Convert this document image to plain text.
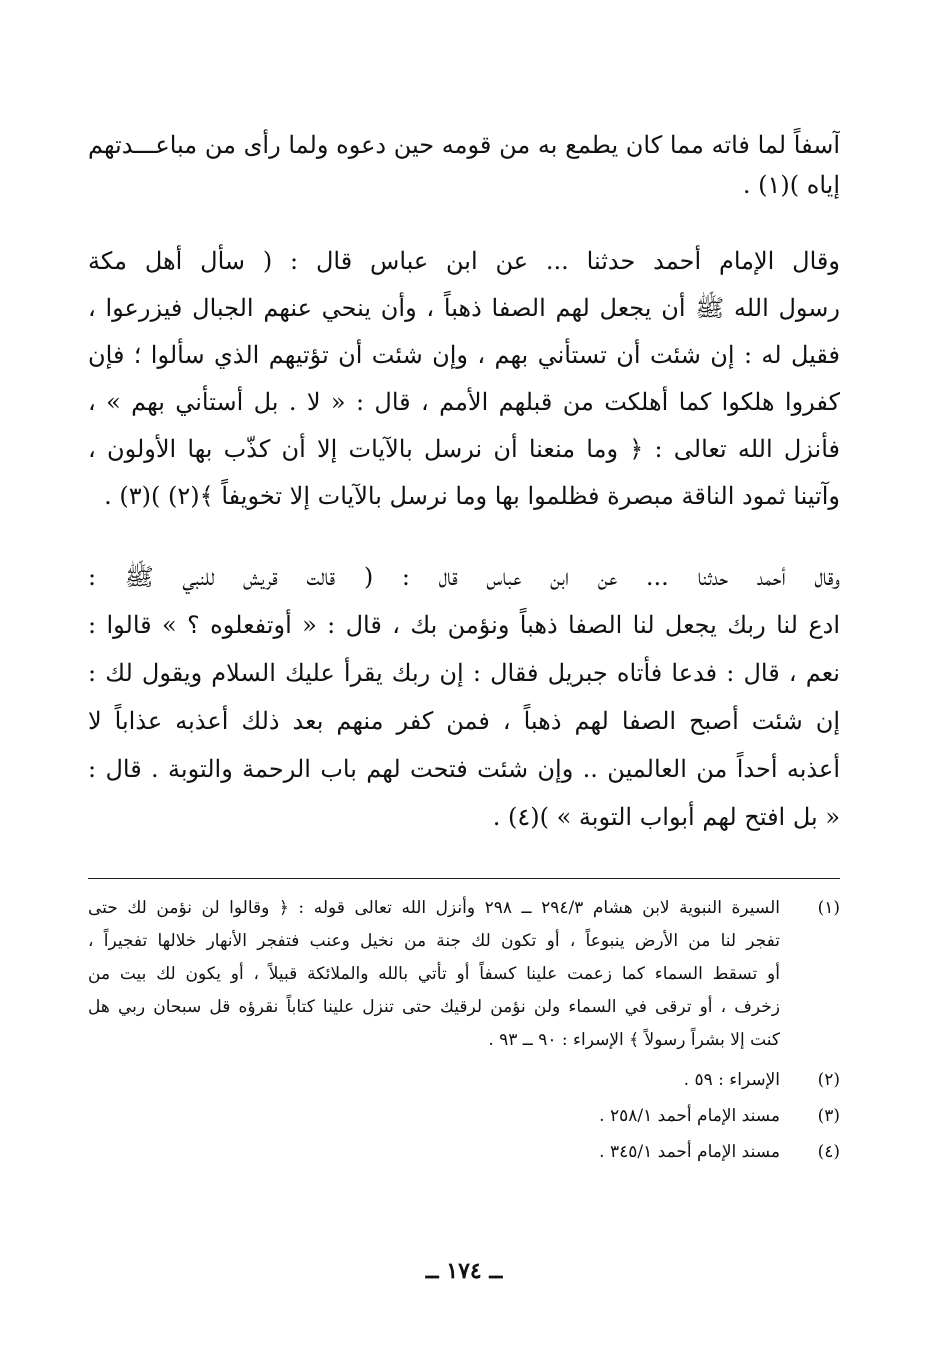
آسفاً لما فاته مما كان يطمع به من قومه حين دعوه ولما رأى من مباعـــدتهم
إياه )(١) .
وقال الإمام أحمد حدثنا ... عن ابن عباس قال : ( سأل أهل مكة
رسول الله ﷺ أن يجعل لهم الصفا ذهباً ، وأن ينحي عنهم الجبال فيزرعوا ،
فقيل له : إن شئت أن تستأني بهم ، وإن شئت أن تؤتيهم الذي سألوا ؛ فإن
كفروا هلكوا كما أهلكت من قبلهم الأمم ، قال : « لا . بل أستأني بهم » ،
فأنزل الله تعالى : ﴿ وما منعنا أن نرسل بالآيات إلا أن كذّب بها الأولون ،
وآتينا ثمود الناقة مبصرة فظلموا بها وما نرسل بالآيات إلا تخويفاً ﴾(٢) )(٣) .
وقال أحمد حدثنا ... عن ابن عباس قال : ( قالت قريش للنبي ﷺ :
ادع لنا ربك يجعل لنا الصفا ذهباً ونؤمن بك ، قال : « أوتفعلوه ؟ » قالوا :
نعم ، قال : فدعا فأتاه جبريل فقال : إن ربك يقرأ عليك السلام ويقول لك :
إن شئت أصبح الصفا لهم ذهباً ، فمن كفر منهم بعد ذلك أعذبه عذاباً لا
أعذبه أحداً من العالمين .. وإن شئت فتحت لهم باب الرحمة والتوبة . قال :
« بل افتح لهم أبواب التوبة » )(٤) .
(١)
السيرة النبوية لابن هشام ٢٩٤/٣ ــ ٢٩٨ وأنزل الله تعالى قوله : ﴿ وقالوا لن نؤمن لك حتى
تفجر لنا من الأرض ينبوعاً ، أو تكون لك جنة من نخيل وعنب فتفجر الأنهار خلالها تفجيراً ،
أو تسقط السماء كما زعمت علينا كسفاً أو تأتي بالله والملائكة قبيلاً ، أو يكون لك بيت من
زخرف ، أو ترقى في السماء ولن نؤمن لرقيك حتى تنزل علينا كتاباً نقرؤه قل سبحان ربي هل
كنت إلا بشراً رسولاً ﴾ الإسراء : ٩٠ ــ ٩٣ .
(٢)
الإسراء : ٥٩ .
(٣)
مسند الإمام أحمد ٢٥٨/١ .
(٤)
مسند الإمام أحمد ٣٤٥/١ .
ــ ١٧٤ ــ
